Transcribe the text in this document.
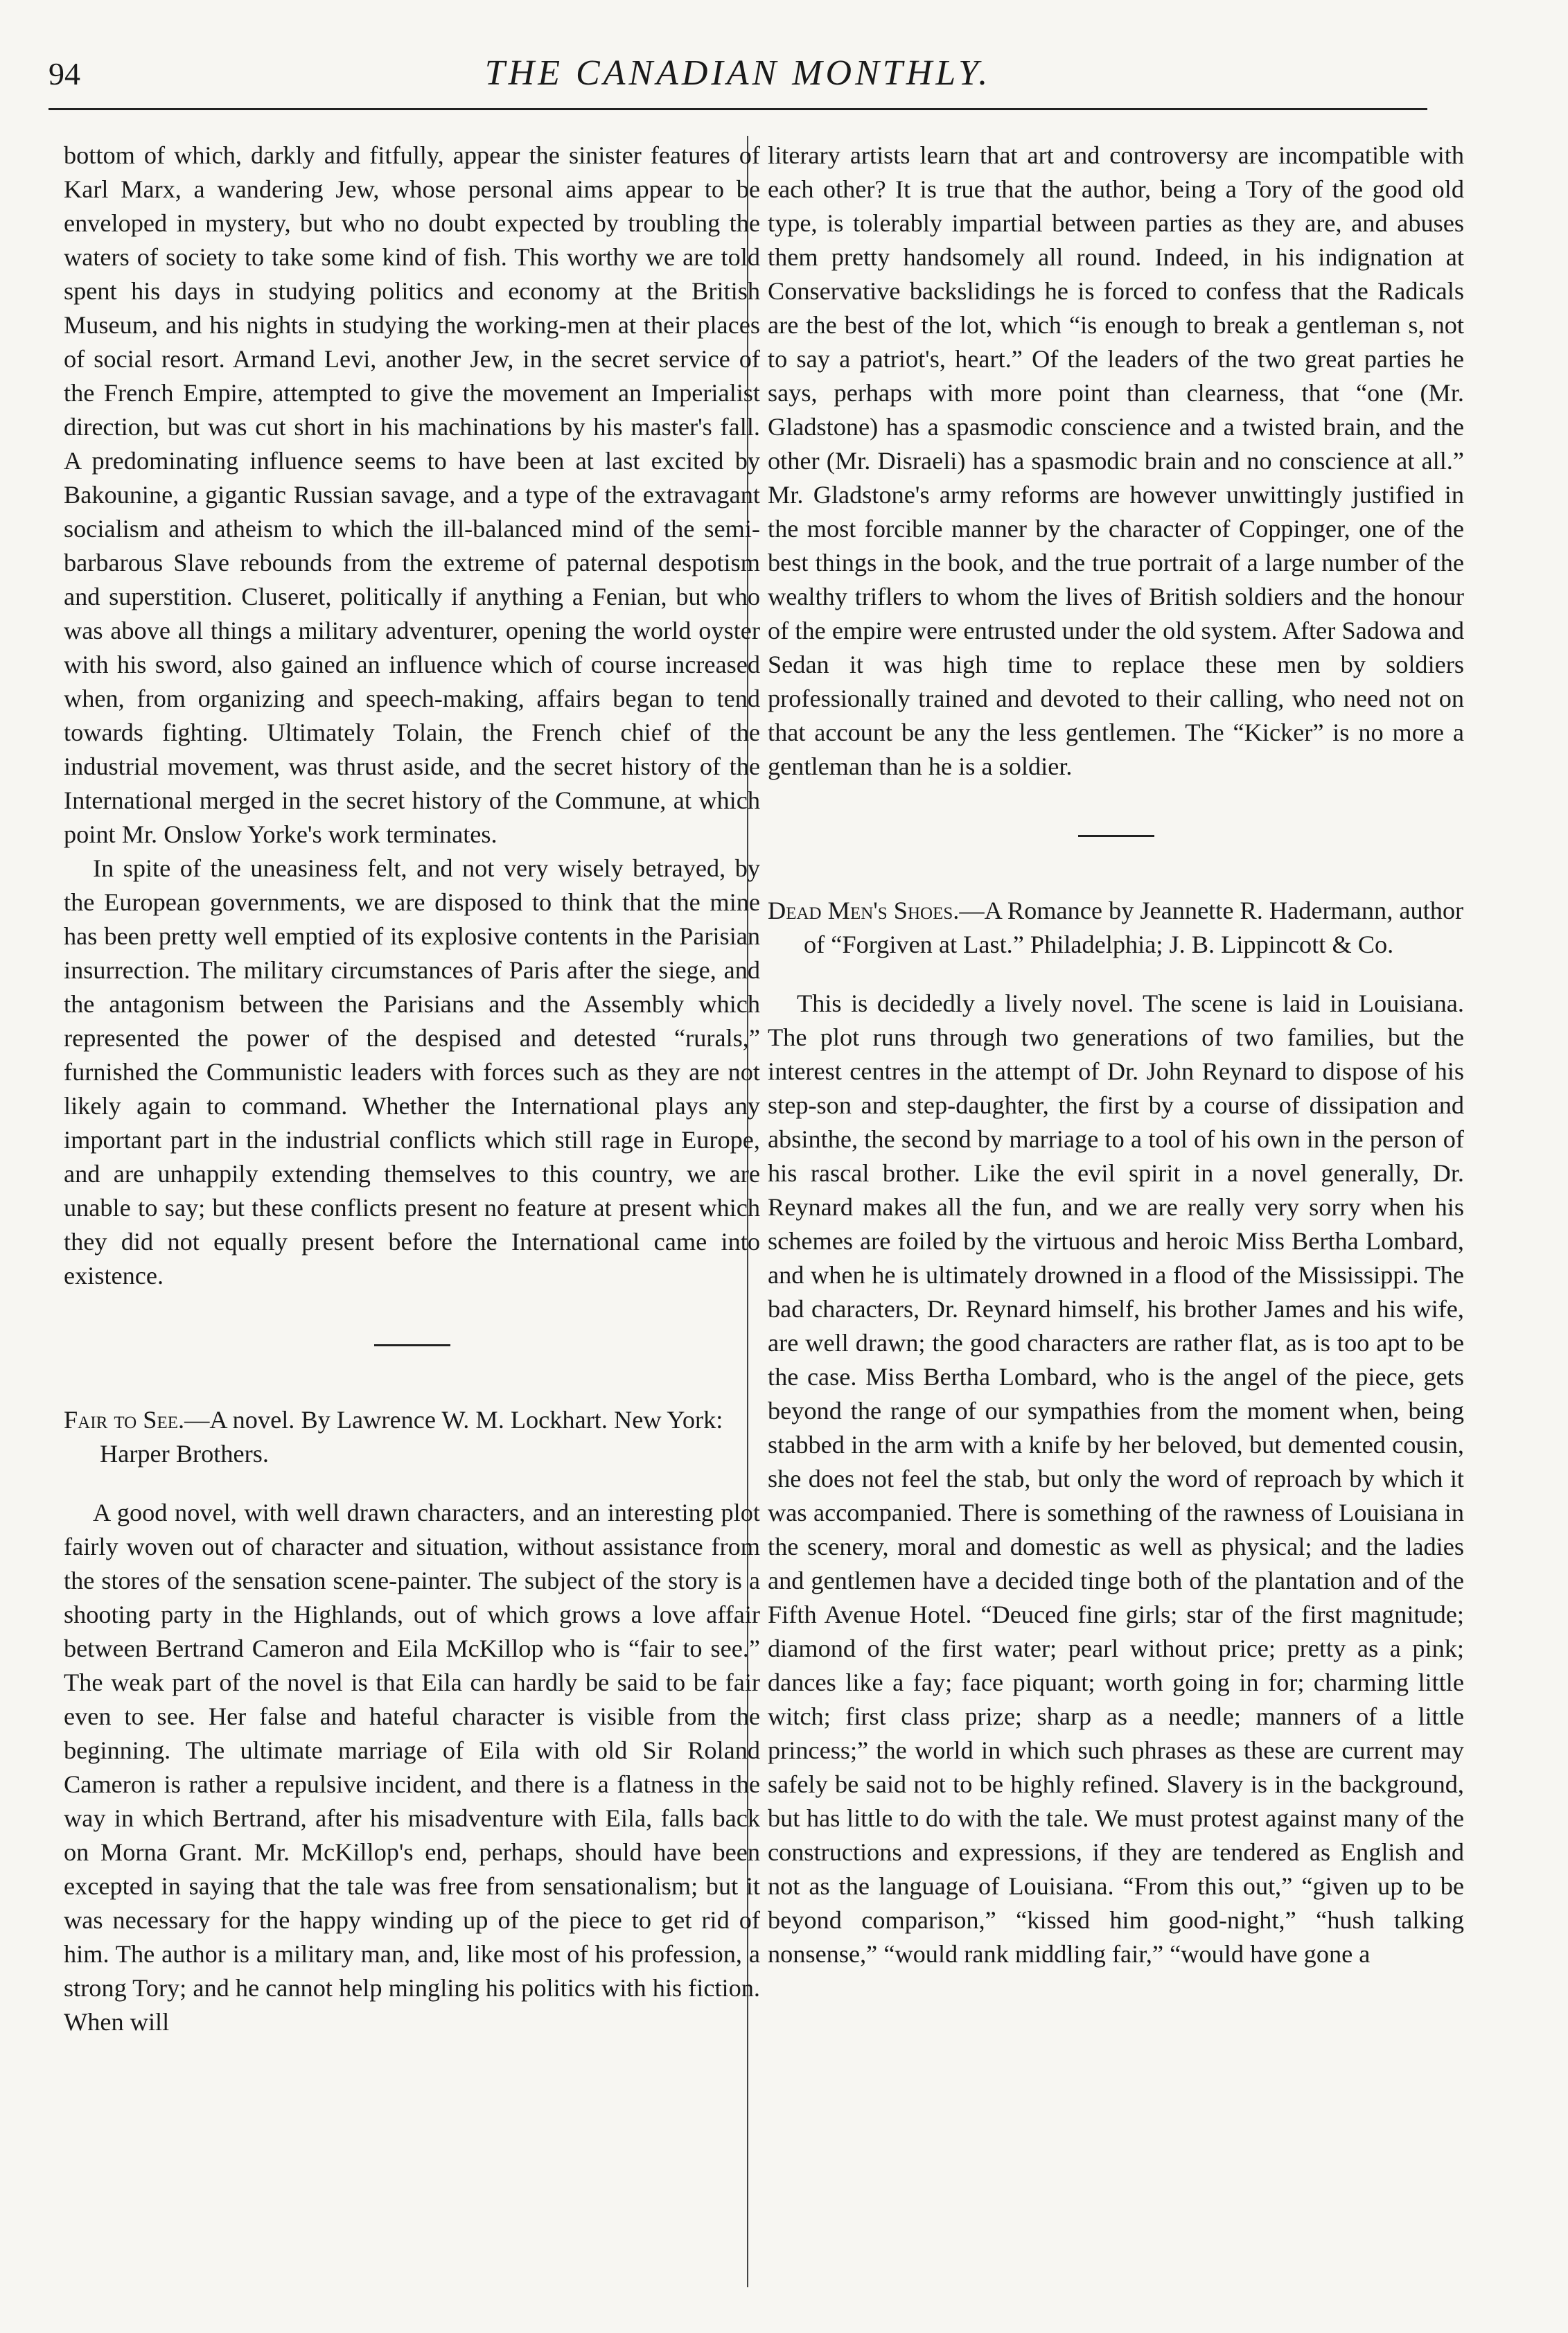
94	THE CANADIAN MONTHLY.

bottom of which, darkly and fitfully, appear the sinister features of Karl Marx, a wandering Jew, whose personal aims appear to be enveloped in mystery, but who no doubt expected by troubling the waters of society to take some kind of fish. This worthy we are told spent his days in studying politics and economy at the British Museum, and his nights in studying the working-men at their places of social resort. Armand Levi, another Jew, in the secret service of the French Empire, attempted to give the movement an Imperialist direction, but was cut short in his machinations by his master's fall. A predominating influence seems to have been at last excited by Bakounine, a gigantic Russian savage, and a type of the extravagant socialism and atheism to which the ill-balanced mind of the semi-barbarous Slave rebounds from the extreme of paternal despotism and superstition. Cluseret, politically if anything a Fenian, but who was above all things a military adventurer, opening the world oyster with his sword, also gained an influence which of course increased when, from organizing and speech-making, affairs began to tend towards fighting. Ultimately Tolain, the French chief of the industrial movement, was thrust aside, and the secret history of the International merged in the secret history of the Commune, at which point Mr. Onslow Yorke's work terminates.

In spite of the uneasiness felt, and not very wisely betrayed, by the European governments, we are disposed to think that the mine has been pretty well emptied of its explosive contents in the Parisian insurrection. The military circumstances of Paris after the siege, and the antagonism between the Parisians and the Assembly which represented the power of the despised and detested “rurals,” furnished the Communistic leaders with forces such as they are not likely again to command. Whether the International plays any important part in the industrial conflicts which still rage in Europe, and are unhappily extending themselves to this country, we are unable to say; but these conflicts present no feature at present which they did not equally present before the International came into existence.

Fair to See.—A novel. By Lawrence W. M. Lockhart. New York: Harper Brothers.

A good novel, with well drawn characters, and an interesting plot fairly woven out of character and situation, without assistance from the stores of the sensation scene-painter. The subject of the story is a shooting party in the Highlands, out of which grows a love affair between Bertrand Cameron and Eila McKillop who is “fair to see.” The weak part of the novel is that Eila can hardly be said to be fair even to see. Her false and hateful character is visible from the beginning. The ultimate marriage of Eila with old Sir Roland Cameron is rather a repulsive incident, and there is a flatness in the way in which Bertrand, after his misadventure with Eila, falls back on Morna Grant. Mr. McKillop's end, perhaps, should have been excepted in saying that the tale was free from sensationalism; but it was necessary for the happy winding up of the piece to get rid of him. The author is a military man, and, like most of his profession, a strong Tory; and he cannot help mingling his politics with his fiction. When will

literary artists learn that art and controversy are incompatible with each other? It is true that the author, being a Tory of the good old type, is tolerably impartial between parties as they are, and abuses them pretty handsomely all round. Indeed, in his indignation at Conservative backslidings he is forced to confess that the Radicals are the best of the lot, which “is enough to break a gentleman s, not to say a patriot's, heart.” Of the leaders of the two great parties he says, perhaps with more point than clearness, that “one (Mr. Gladstone) has a spasmodic conscience and a twisted brain, and the other (Mr. Disraeli) has a spasmodic brain and no conscience at all.” Mr. Gladstone's army reforms are however unwittingly justified in the most forcible manner by the character of Coppinger, one of the best things in the book, and the true portrait of a large number of the wealthy triflers to whom the lives of British soldiers and the honour of the empire were entrusted under the old system. After Sadowa and Sedan it was high time to replace these men by soldiers professionally trained and devoted to their calling, who need not on that account be any the less gentlemen. The “Kicker” is no more a gentleman than he is a soldier.

Dead Men's Shoes.—A Romance by Jeannette R. Hadermann, author of “Forgiven at Last.” Philadelphia; J. B. Lippincott & Co.

This is decidedly a lively novel. The scene is laid in Louisiana. The plot runs through two generations of two families, but the interest centres in the attempt of Dr. John Reynard to dispose of his step-son and step-daughter, the first by a course of dissipation and absinthe, the second by marriage to a tool of his own in the person of his rascal brother. Like the evil spirit in a novel generally, Dr. Reynard makes all the fun, and we are really very sorry when his schemes are foiled by the virtuous and heroic Miss Bertha Lombard, and when he is ultimately drowned in a flood of the Mississippi. The bad characters, Dr. Reynard himself, his brother James and his wife, are well drawn; the good characters are rather flat, as is too apt to be the case. Miss Bertha Lombard, who is the angel of the piece, gets beyond the range of our sympathies from the moment when, being stabbed in the arm with a knife by her beloved, but demented cousin, she does not feel the stab, but only the word of reproach by which it was accompanied. There is something of the rawness of Louisiana in the scenery, moral and domestic as well as physical; and the ladies and gentlemen have a decided tinge both of the plantation and of the Fifth Avenue Hotel. “Deuced fine girls; star of the first magnitude; diamond of the first water; pearl without price; pretty as a pink; dances like a fay; face piquant; worth going in for; charming little witch; first class prize; sharp as a needle; manners of a little princess;” the world in which such phrases as these are current may safely be said not to be highly refined. Slavery is in the background, but has little to do with the tale. We must protest against many of the constructions and expressions, if they are tendered as English and not as the language of Louisiana. “From this out,” “given up to be beyond comparison,” “kissed him good-night,” “hush talking nonsense,” “would rank middling fair,” “would have gone a
